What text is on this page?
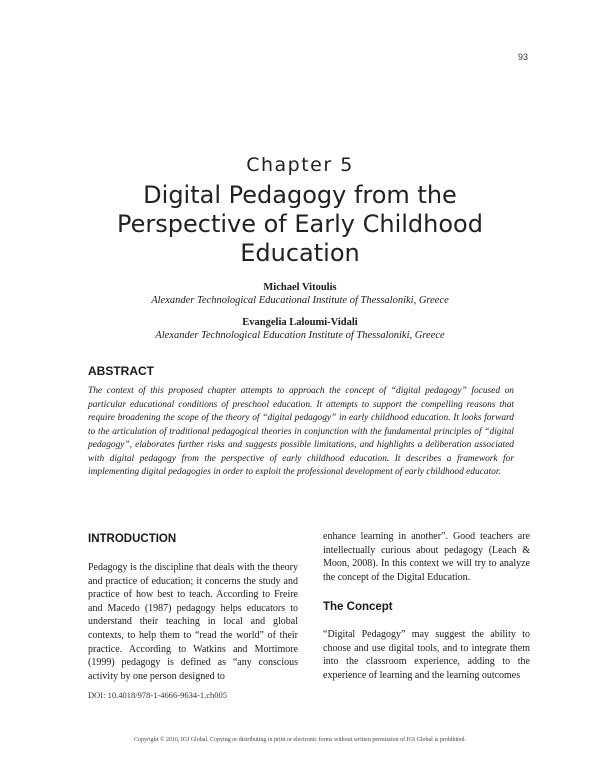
93
Chapter 5
Digital Pedagogy from the Perspective of Early Childhood Education
Michael Vitoulis
Alexander Technological Educational Institute of Thessaloniki, Greece
Evangelia Laloumi-Vidali
Alexander Technological Education Institute of Thessaloniki, Greece
ABSTRACT

The context of this proposed chapter attempts to approach the concept of “digital pedagogy” focused on particular educational conditions of preschool education. It attempts to support the compelling reasons that require broadening the scope of the theory of “digital pedagogy” in early childhood education. It looks forward to the articulation of traditional pedagogical theories in conjunction with the fundamental principles of “digital pedagogy”, elaborates further risks and suggests possible limitations, and highlights a deliberation associated with digital pedagogy from the perspective of early childhood education. It describes a framework for implementing digital pedagogies in order to exploit the professional development of early childhood educator.

INTRODUCTION

Pedagogy is the discipline that deals with the theory and practice of education; it concerns the study and practice of how best to teach. According to Freire and Macedo (1987) pedagogy helps educators to understand their teaching in local and global contexts, to help them to “read the world” of their practice. According to Watkins and Mortimore (1999) pedagogy is defined as “any conscious activity by one person designed to

enhance learning in another”. Good teachers are intellectually curious about pedagogy (Leach & Moon, 2008). In this context we will try to analyze the concept of the Digital Education.

The Concept

“Digital Pedagogy” may suggest the ability to choose and use digital tools, and to integrate them into the classroom experience, adding to the experience of learning and the learning outcomes

DOI: 10.4018/978-1-4666-9634-1.ch005
Copyright © 2016, IGI Global. Copying or distributing in print or electronic forms without written permission of IGI Global is prohibited.
